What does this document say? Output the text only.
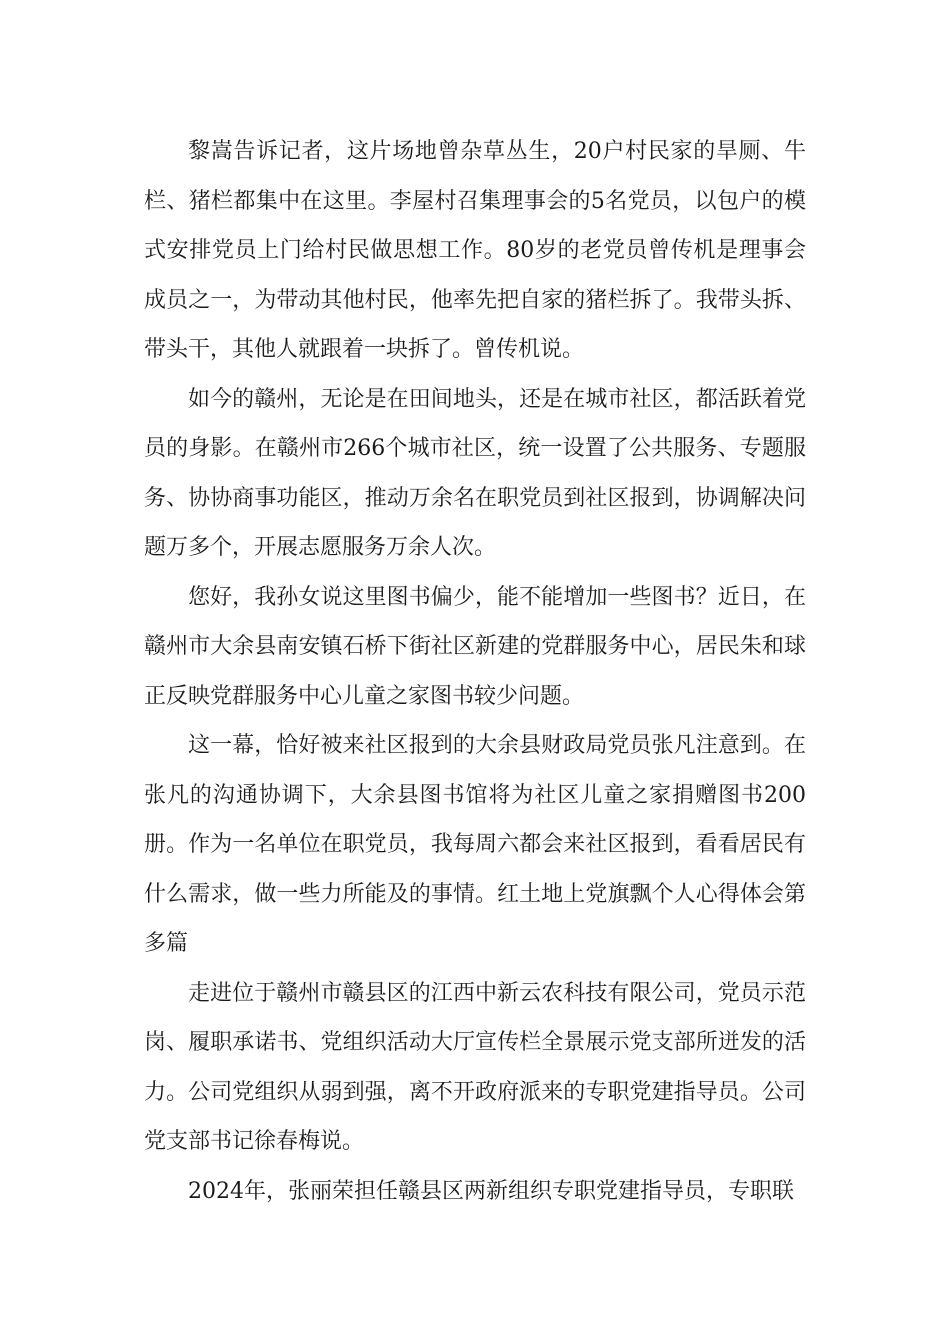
黎嵩告诉记者，这片场地曾杂草丛生，20户村民家的旱厕、牛栏、猪栏都集中在这里。李屋村召集理事会的5名党员，以包户的模式安排党员上门给村民做思想工作。80岁的老党员曾传机是理事会成员之一，为带动其他村民，他率先把自家的猪栏拆了。我带头拆、带头干，其他人就跟着一块拆了。曾传机说。

如今的赣州，无论是在田间地头，还是在城市社区，都活跃着党员的身影。在赣州市266个城市社区，统一设置了公共服务、专题服务、协协商事功能区，推动万余名在职党员到社区报到，协调解决问题万多个，开展志愿服务万余人次。

您好，我孙女说这里图书偏少，能不能增加一些图书？近日，在赣州市大余县南安镇石桥下街社区新建的党群服务中心，居民朱和球正反映党群服务中心儿童之家图书较少问题。

这一幕，恰好被来社区报到的大余县财政局党员张凡注意到。在张凡的沟通协调下，大余县图书馆将为社区儿童之家捐赠图书200册。作为一名单位在职党员，我每周六都会来社区报到，看看居民有什么需求，做一些力所能及的事情。红土地上党旗飘个人心得体会第多篇

走进位于赣州市赣县区的江西中新云农科技有限公司，党员示范岗、履职承诺书、党组织活动大厅宣传栏全景展示党支部所迸发的活力。公司党组织从弱到强，离不开政府派来的专职党建指导员。公司党支部书记徐春梅说。

2024年，张丽荣担任赣县区两新组织专职党建指导员，专职联
